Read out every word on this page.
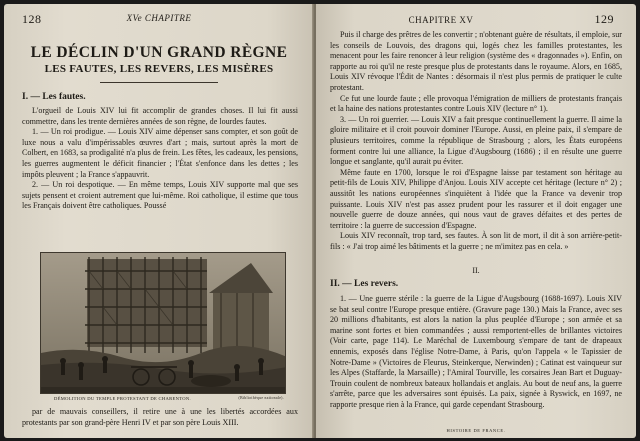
128	XVe CHAPITRE
LE DÉCLIN D'UN GRAND RÈGNE
LES FAUTES, LES REVERS, LES MISÈRES
I. — Les fautes.

L'orgueil de Louis XIV lui fit accomplir de grandes choses. Il lui fit aussi commettre, dans les trente dernières années de son règne, de lourdes fautes.

1. — Un roi prodigue. — Louis XIV aime dépenser sans compter, et son goût de luxe nous a valu d'impérissables œuvres d'art ; mais, surtout après la mort de Colbert, en 1683, sa prodigalité n'a plus de frein. Les fêtes, les cadeaux, les pensions, les guerres augmentent le déficit financier ; l'État s'enfonce dans les dettes ; les impôts pleuvent ; la France s'appauvrit.

2. — Un roi despotique. — En même temps, Louis XIV supporte mal que ses sujets pensent et croient autrement que lui-même. Roi catholique, il estime que tous les Français doivent être catholiques. Poussé

DÉMOLITION DU TEMPLE PROTESTANT DE CHARENTON.	(Bibliothèque nationale).

par de mauvais conseillers, il retire une à une les libertés accordées aux protestants par son grand-père Henri IV et par son père Louis XIII.

CHAPITRE XV	129

Puis il charge des prêtres de les convertir ; n'obtenant guère de résultats, il emploie, sur les conseils de Louvois, des dragons qui, logés chez les familles protestantes, les menacent pour les faire renoncer à leur religion (système des « dragonnades »). Enfin, on rapporte au roi qu'il ne reste presque plus de protestants dans le royaume. Alors, en 1685, Louis XIV révoque l'Édit de Nantes : désormais il n'est plus permis de pratiquer le culte protestant.

Ce fut une lourde faute ; elle provoqua l'émigration de milliers de protestants français et la haine des nations protestantes contre Louis XIV (lecture n° 1).

3. — Un roi guerrier. — Louis XIV a fait presque continuellement la guerre. Il aime la gloire militaire et il croit pouvoir dominer l'Europe. Aussi, en pleine paix, il s'empare de plusieurs territoires, comme la république de Strasbourg ; alors, les États européens forment contre lui une alliance, la Ligue d'Augsbourg (1686) ; il en résulte une guerre longue et sanglante, qu'il aurait pu éviter.

Même faute en 1700, lorsque le roi d'Espagne laisse par testament son héritage au petit-fils de Louis XIV, Philippe d'Anjou. Louis XIV accepte cet héritage (lecture n° 2) ; aussitôt les nations européennes s'inquiètent à l'idée que la France va devenir trop puissante. Louis XIV n'est pas assez prudent pour les rassurer et il doit engager une nouvelle guerre de douze années, qui nous vaut de graves défaites et des pertes de territoire : la guerre de succession d'Espagne.

Louis XIV reconnaît, trop tard, ses fautes. À son lit de mort, il dit à son arrière-petit-fils : « J'ai trop aimé les bâtiments et la guerre ; ne m'imitez pas en cela. »

II.
II. — Les revers.

1. — Une guerre stérile : la guerre de la Ligue d'Augsbourg (1688-1697). Louis XIV se bat seul contre l'Europe presque entière. (Gravure page 130.) Mais la France, avec ses 20 millions d'habitants, est alors la nation la plus peuplée d'Europe ; son armée et sa marine sont fortes et bien commandées ; aussi remportent-elles de brillantes victoires (Voir carte, page 114). Le Maréchal de Luxembourg s'empare de tant de drapeaux ennemis, exposés dans l'église Notre-Dame, à Paris, qu'on l'appela « le Tapissier de Notre-Dame » (Victoires de Fleurus, Steinkerque, Nerwinden) ; Catinat est vainqueur sur les Alpes (Staffarde, la Marsaille) ; l'Amiral Tourville, les corsaires Jean Bart et Duguay-Trouin coulent de nombreux bateaux hollandais et anglais. Au bout de neuf ans, la guerre s'arrête, parce que les adversaires sont épuisés. La paix, signée à Ryswick, en 1697, ne rapporte presque rien à la France, qui garde cependant Strasbourg.

HISTOIRE DE FRANCE.
